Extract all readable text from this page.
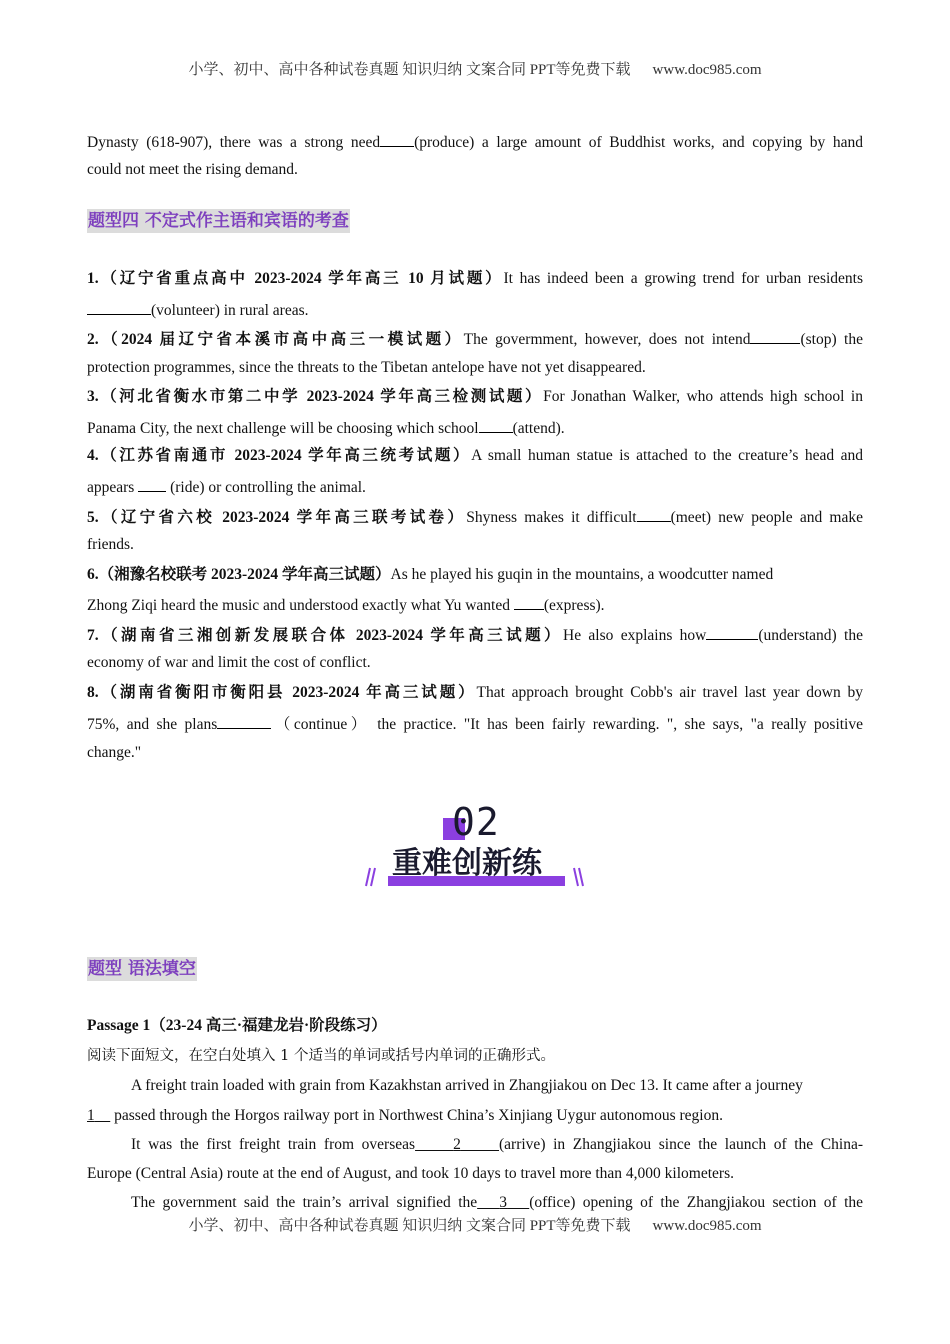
小学、初中、高中各种试卷真题 知识归纳 文案合同 PPT等免费下载 www.doc985.com
Dynasty (618-907), there was a strong need (produce) a large amount of Buddhist works, and copying by hand
could not meet the rising demand.
题型四 不定式作主语和宾语的考查
1.（辽宁省重点高中 2023-2024 学年高三 10 月试题）It has indeed been a growing trend for urban residents
(volunteer) in rural areas.
2.（2024 届辽宁省本溪市高中高三一模试题）The govermment, however, does not intend	(stop) the
protection programmes, since the threats to the Tibetan antelope have not yet disappeared.
3.（河北省衡水市第二中学 2023-2024 学年高三检测试题）For Jonathan Walker, who attends high school in
Panama City, the next challenge will be choosing which school (attend).
4.（江苏省南通市 2023-2024 学年高三统考试题）A small human statue is attached to the creature’s head and
appears (ride) or controlling the animal.
5.（辽宁省六校 2023-2024 学年高三联考试卷）Shyness makes it difficult (meet) new people and make
friends.
6.（湘豫名校联考 2023-2024 学年高三试题）As he played his guqin in the mountains, a woodcutter named
Zhong Ziqi heard the music and understood exactly what Yu wanted (express).
7.（湖南省三湘创新发展联合体 2023-2024 学年高三试题）He also explains how	(understand) the
economy of war and limit the cost of conflict.
8.（湖南省衡阳市衡阳县 2023-2024 年高三试题）That approach brought Cobb's air travel last year down by
75%, and she plans	（continue） the practice. "It has been fairly rewarding. ", she says, "a really positive
change."
02
重难创新练
题型 语法填空
Passage 1（23-24 高三·福建龙岩·阶段练习）
阅读下面短文，在空白处填入 1 个适当的单词或括号内单词的正确形式。
A freight train loaded with grain from Kazakhstan arrived in Zhangjiakou on Dec 13. It came after a journey
1 passed through the Horgos railway port in Northwest China’s Xinjiang Uygur autonomous region.
It was the first freight train from overseas 2 (arrive) in Zhangjiakou since the launch of the China-
Europe (Central Asia) route at the end of August, and took 10 days to travel more than 4,000 kilometers.
The government said the train’s arrival signified the 3 (office) opening of the Zhangjiakou section of the
小学、初中、高中各种试卷真题 知识归纳 文案合同 PPT等免费下载 www.doc985.com
